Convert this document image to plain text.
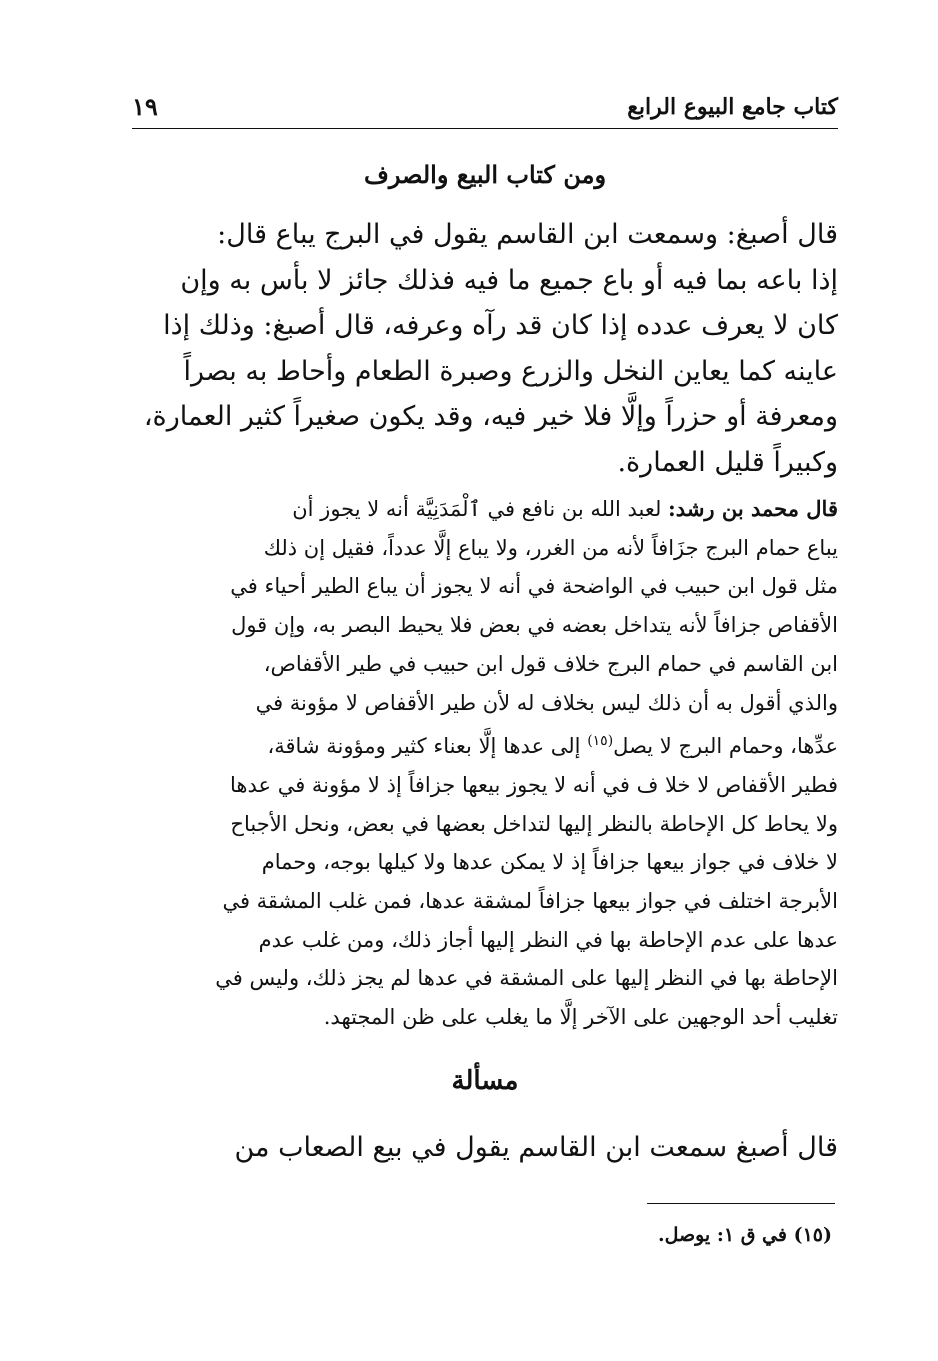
كتاب جامع البيوع الرابع
١٩
ومن كتاب البيع والصرف

قال أصبغ: وسمعت ابن القاسم يقول في البرج يباع قال:
إذا باعه بما فيه أو باع جميع ما فيه فذلك جائز لا بأس به وإن
كان لا يعرف عدده إذا كان قد رآه وعرفه، قال أصبغ: وذلك إذا
عاينه كما يعاين النخل والزرع وصبرة الطعام وأحاط به بصراً
ومعرفة أو حزراً وإلَّا فلا خير فيه، وقد يكون صغيراً كثير العمارة،
وكبيراً قليل العمارة.

قال محمد بن رشد: لعبد الله بن نافع في ٱلْمَدَنِيَّة أنه لا يجوز أن
يباع حمام البرج جزَافاً لأنه من الغرر، ولا يباع إلَّا عدداً، فقيل إن ذلك
مثل قول ابن حبيب في الواضحة في أنه لا يجوز أن يباع الطير أحياء في
الأقفاص جزافاً لأنه يتداخل بعضه في بعض فلا يحيط البصر به، وإن قول
ابن القاسم في حمام البرج خلاف قول ابن حبيب في طير الأقفاص،
والذي أقول به أن ذلك ليس بخلاف له لأن طير الأقفاص لا مؤونة في
عدِّها، وحمام البرج لا يصل$^{(١٥)}$ إلى عدها إلَّا بعناء كثير ومؤونة شاقة،
فطير الأقفاص لا خلا ف في أنه لا يجوز بيعها جزافاً إذ لا مؤونة في عدها
ولا يحاط كل الإحاطة بالنظر إليها لتداخل بعضها في بعض، ونحل الأجباح
لا خلاف في جواز بيعها جزافاً إذ لا يمكن عدها ولا كيلها بوجه، وحمام
الأبرجة اختلف في جواز بيعها جزافاً لمشقة عدها، فمن غلب المشقة في
عدها على عدم الإحاطة بها في النظر إليها أجاز ذلك، ومن غلب عدم
الإحاطة بها في النظر إليها على المشقة في عدها لم يجز ذلك، وليس في
تغليب أحد الوجهين على الآخر إلَّا ما يغلب على ظن المجتهد.

مسألة

قال أصبغ سمعت ابن القاسم يقول في بيع الصعاب من

(١٥) في ق ١: يوصل.
